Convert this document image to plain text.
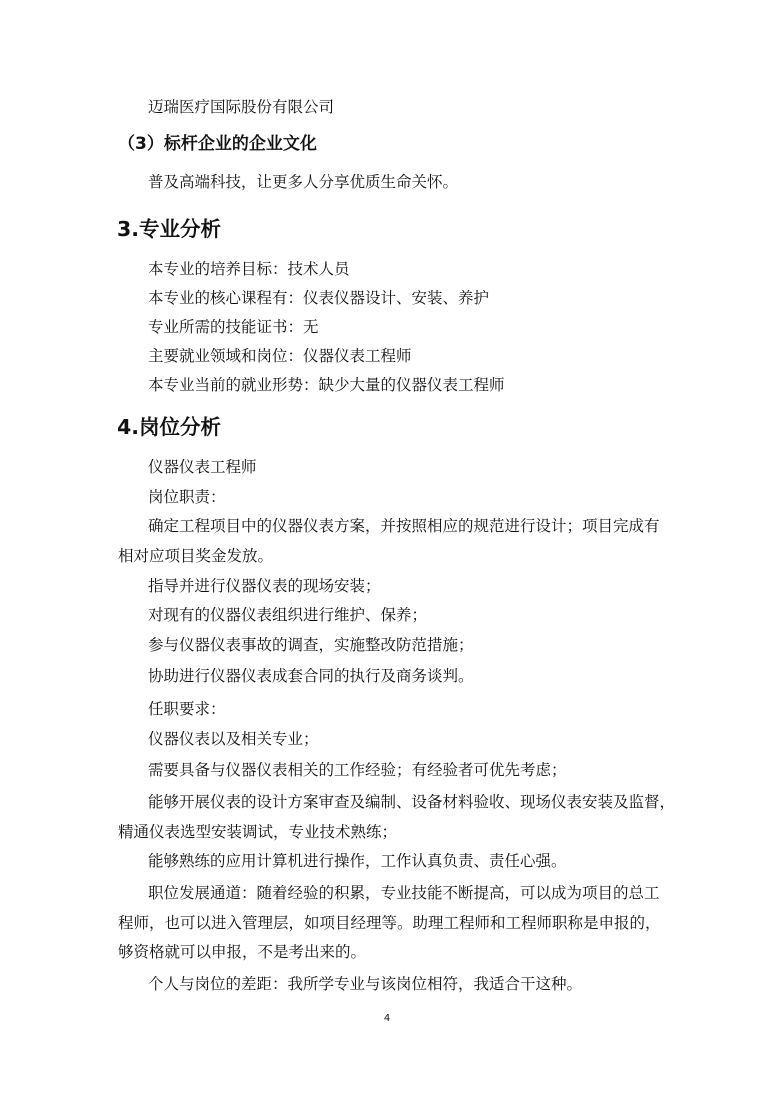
迈瑞医疗国际股份有限公司
（3）标杆企业的企业文化
普及高端科技，让更多人分享优质生命关怀。
3.专业分析
本专业的培养目标：技术人员
本专业的核心课程有：仪表仪器设计、安装、养护
专业所需的技能证书：无
主要就业领域和岗位：仪器仪表工程师
本专业当前的就业形势：缺少大量的仪器仪表工程师
4.岗位分析
仪器仪表工程师
岗位职责：
确定工程项目中的仪器仪表方案，并按照相应的规范进行设计；项目完成有
相对应项目奖金发放。
指导并进行仪器仪表的现场安装；
对现有的仪器仪表组织进行维护、保养；
参与仪器仪表事故的调查，实施整改防范措施；
协助进行仪器仪表成套合同的执行及商务谈判。
任职要求：
仪器仪表以及相关专业；
需要具备与仪器仪表相关的工作经验；有经验者可优先考虑；
能够开展仪表的设计方案审查及编制、设备材料验收、现场仪表安装及监督，
精通仪表选型安装调试，专业技术熟练；
能够熟练的应用计算机进行操作，工作认真负责、责任心强。
职位发展通道：随着经验的积累，专业技能不断提高，可以成为项目的总工
程师，也可以进入管理层，如项目经理等。助理工程师和工程师职称是申报的，
够资格就可以申报，不是考出来的。
个人与岗位的差距：我所学专业与该岗位相符，我适合干这种。
4
